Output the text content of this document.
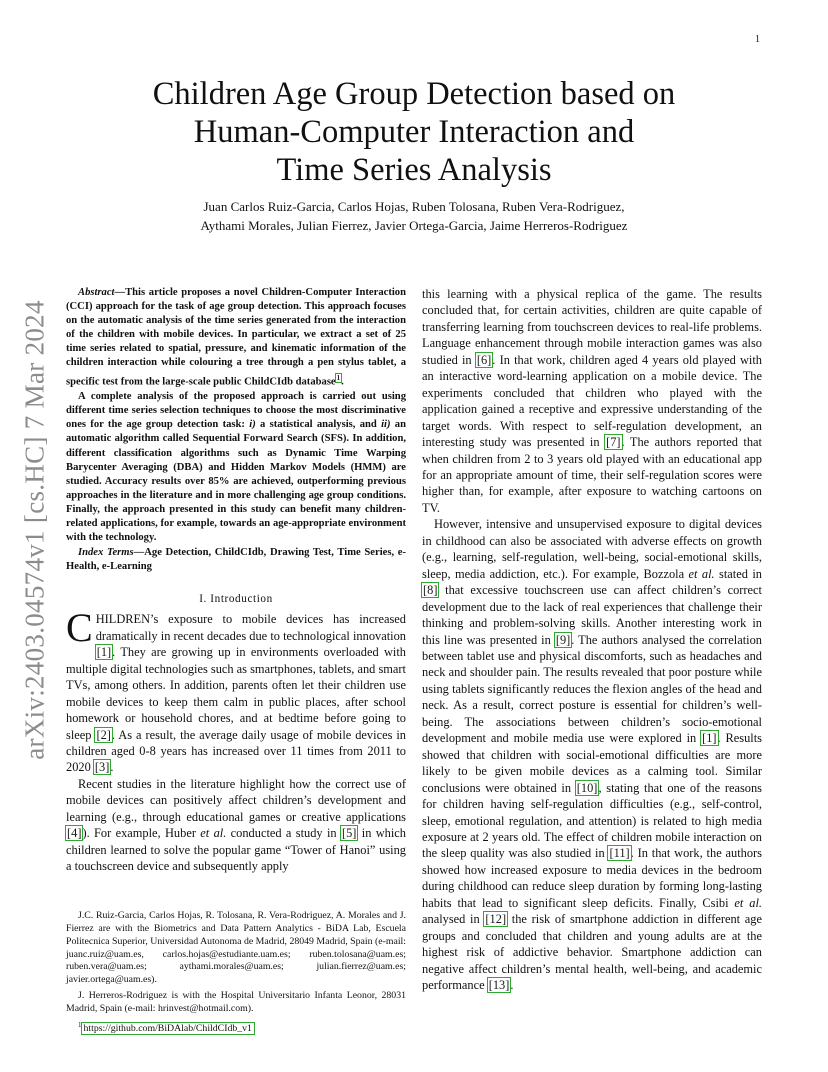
1
arXiv:2403.04574v1 [cs.HC] 7 Mar 2024
Children Age Group Detection based on
Human-Computer Interaction and
Time Series Analysis
Juan Carlos Ruiz-Garcia, Carlos Hojas, Ruben Tolosana, Ruben Vera-Rodriguez,
Aythami Morales, Julian Fierrez, Javier Ortega-Garcia, Jaime Herreros-Rodriguez

Abstract—This article proposes a novel Children-Computer Interaction (CCI) approach for the task of age group detection. This approach focuses on the automatic analysis of the time series generated from the interaction of the children with mobile devices. In particular, we extract a set of 25 time series related to spatial, pressure, and kinematic information of the children interaction while colouring a tree through a pen stylus tablet, a specific test from the large-scale public ChildCIdb database$^1$.

A complete analysis of the proposed approach is carried out using different time series selection techniques to choose the most discriminative ones for the age group detection task: i) a statistical analysis, and ii) an automatic algorithm called Sequential Forward Search (SFS). In addition, different classification algorithms such as Dynamic Time Warping Barycenter Averaging (DBA) and Hidden Markov Models (HMM) are studied. Accuracy results over 85% are achieved, outperforming previous approaches in the literature and in more challenging age group conditions. Finally, the approach presented in this study can benefit many children-related applications, for example, towards an age-appropriate environment with the technology.

Index Terms—Age Detection, ChildCIdb, Drawing Test, Time Series, e-Health, e-Learning

I. Introduction

CHILDREN’s exposure to mobile devices has increased dramatically in recent decades due to technological innovation [1]. They are growing up in environments overloaded with multiple digital technologies such as smartphones, tablets, and smart TVs, among others. In addition, parents often let their children use mobile devices to keep them calm in public places, after school homework or household chores, and at bedtime before going to sleep [2]. As a result, the average daily usage of mobile devices in children aged 0-8 years has increased over 11 times from 2011 to 2020 [3].

Recent studies in the literature highlight how the correct use of mobile devices can positively affect children’s development and learning (e.g., through educational games or creative applications [4]). For example, Huber et al. conducted a study in [5] in which children learned to solve the popular game “Tower of Hanoi” using a touchscreen device and subsequently apply

J.C. Ruiz-Garcia, Carlos Hojas, R. Tolosana, R. Vera-Rodriguez, A. Morales and J. Fierrez are with the Biometrics and Data Pattern Analytics - BiDA Lab, Escuela Politecnica Superior, Universidad Autonoma de Madrid, 28049 Madrid, Spain (e-mail: juanc.ruiz@uam.es, carlos.hojas@estudiante.uam.es; ruben.tolosana@uam.es; ruben.vera@uam.es; aythami.morales@uam.es; julian.fierrez@uam.es; javier.ortega@uam.es).

J. Herreros-Rodriguez is with the Hospital Universitario Infanta Leonor, 28031 Madrid, Spain (e-mail: hrinvest@hotmail.com).

$^1$ https://github.com/BiDAlab/ChildCIdb_v1

this learning with a physical replica of the game. The results concluded that, for certain activities, children are quite capable of transferring learning from touchscreen devices to real-life problems. Language enhancement through mobile interaction games was also studied in [6]. In that work, children aged 4 years old played with an interactive word-learning application on a mobile device. The experiments concluded that children who played with the application gained a receptive and expressive understanding of the target words. With respect to self-regulation development, an interesting study was presented in [7]. The authors reported that when children from 2 to 3 years old played with an educational app for an appropriate amount of time, their self-regulation scores were higher than, for example, after exposure to watching cartoons on TV.

However, intensive and unsupervised exposure to digital devices in childhood can also be associated with adverse effects on growth (e.g., learning, self-regulation, well-being, social-emotional skills, sleep, media addiction, etc.). For example, Bozzola et al. stated in [8] that excessive touchscreen use can affect children’s correct development due to the lack of real experiences that challenge their thinking and problem-solving skills. Another interesting work in this line was presented in [9]. The authors analysed the correlation between tablet use and physical discomforts, such as headaches and neck and shoulder pain. The results revealed that poor posture while using tablets significantly reduces the flexion angles of the head and neck. As a result, correct posture is essential for children’s well-being. The associations between children’s socio-emotional development and mobile media use were explored in [1]. Results showed that children with social-emotional difficulties are more likely to be given mobile devices as a calming tool. Similar conclusions were obtained in [10], stating that one of the reasons for children having self-regulation difficulties (e.g., self-control, sleep, emotional regulation, and attention) is related to high media exposure at 2 years old. The effect of children mobile interaction on the sleep quality was also studied in [11]. In that work, the authors showed how increased exposure to media devices in the bedroom during childhood can reduce sleep duration by forming long-lasting habits that lead to significant sleep deficits. Finally, Csibi et al. analysed in [12] the risk of smartphone addiction in different age groups and concluded that children and young adults are at the highest risk of addictive behavior. Smartphone addiction can negative affect children’s mental health, well-being, and academic performance [13].
